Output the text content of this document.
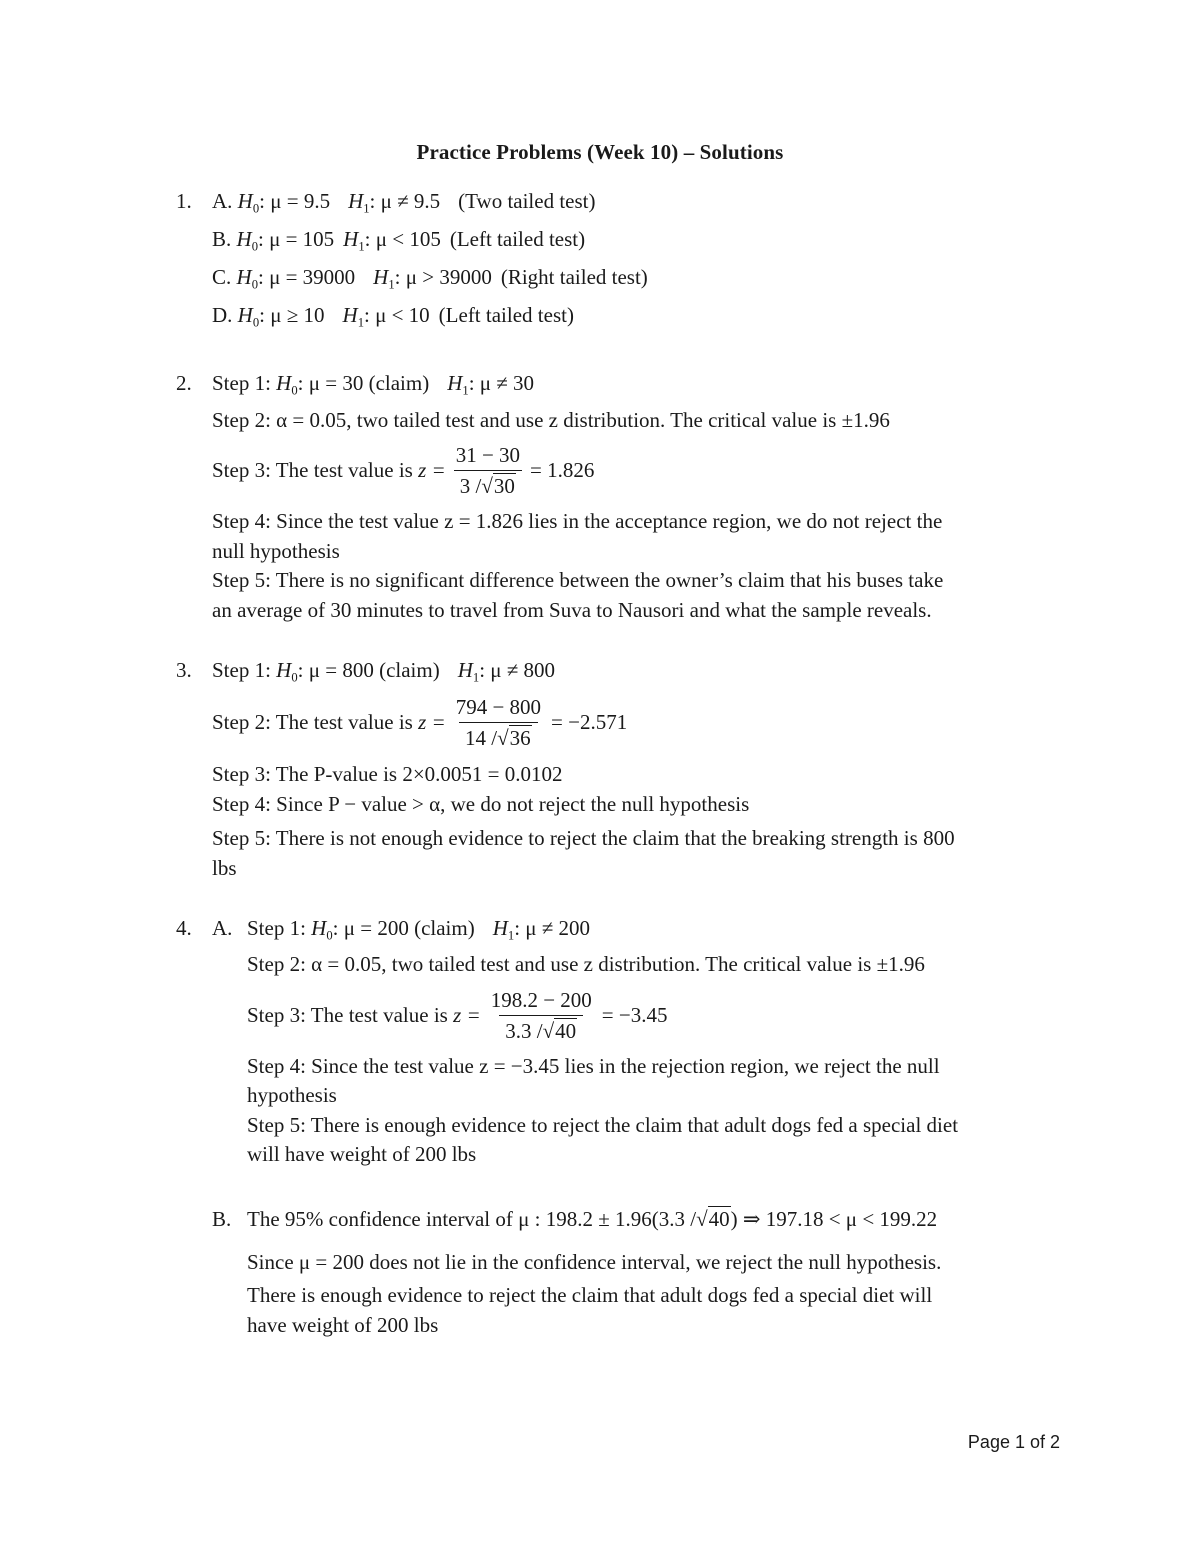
Practice Problems (Week 10) – Solutions
1. A. $H_0$: μ = 9.5 $H_1$: μ ≠ 9.5 (Two tailed test)
B. $H_0$: μ = 105 $H_1$: μ < 105 (Left tailed test)
C. $H_0$: μ = 39000 $H_1$: μ > 39000 (Right tailed test)
D. $H_0$: μ ≥ 10 $H_1$: μ < 10 (Left tailed test)
2. Step 1: $H_0$: μ = 30 (claim) $H_1$: μ ≠ 30
Step 2: α = 0.05, two tailed test and use z distribution. The critical value is ±1.96
Step 3: The test value is
$z = \frac{31 - 30}{3 /√30} = 1.826$
Step 4: Since the test value z = 1.826 lies in the acceptance region, we do not reject the
null hypothesis
Step 5: There is no significant difference between the owner’s claim that his buses take
an average of 30 minutes to travel from Suva to Nausori and what the sample reveals.
3. Step 1: $H_0$: μ = 800 (claim) $H_1$: μ ≠ 800
Step 2: The test value is
$z = \frac{794 - 800}{14 /√36} = -2.571$
Step 3: The P-value is 2×0.0051 = 0.0102
Step 4: Since P − value > α, we do not reject the null hypothesis
Step 5: There is not enough evidence to reject the claim that the breaking strength is 800
lbs
4. A. Step 1: $H_0$: μ = 200 (claim) $H_1$: μ ≠ 200
Step 2: α = 0.05, two tailed test and use z distribution. The critical value is ±1.96
Step 3: The test value is
$z = \frac{198.2 - 200}{3.3 /√40} = -3.45$
Step 4: Since the test value z = −3.45 lies in the rejection region, we reject the null
hypothesis
Step 5: There is enough evidence to reject the claim that adult dogs fed a special diet
will have weight of 200 lbs
B. The 95% confidence interval of μ : 198.2 ± 1.96(3.3 /√40) ⇒ 197.18 < μ < 199.22
Since μ = 200 does not lie in the confidence interval, we reject the null hypothesis.
There is enough evidence to reject the claim that adult dogs fed a special diet will
have weight of 200 lbs
Page 1 of 2
